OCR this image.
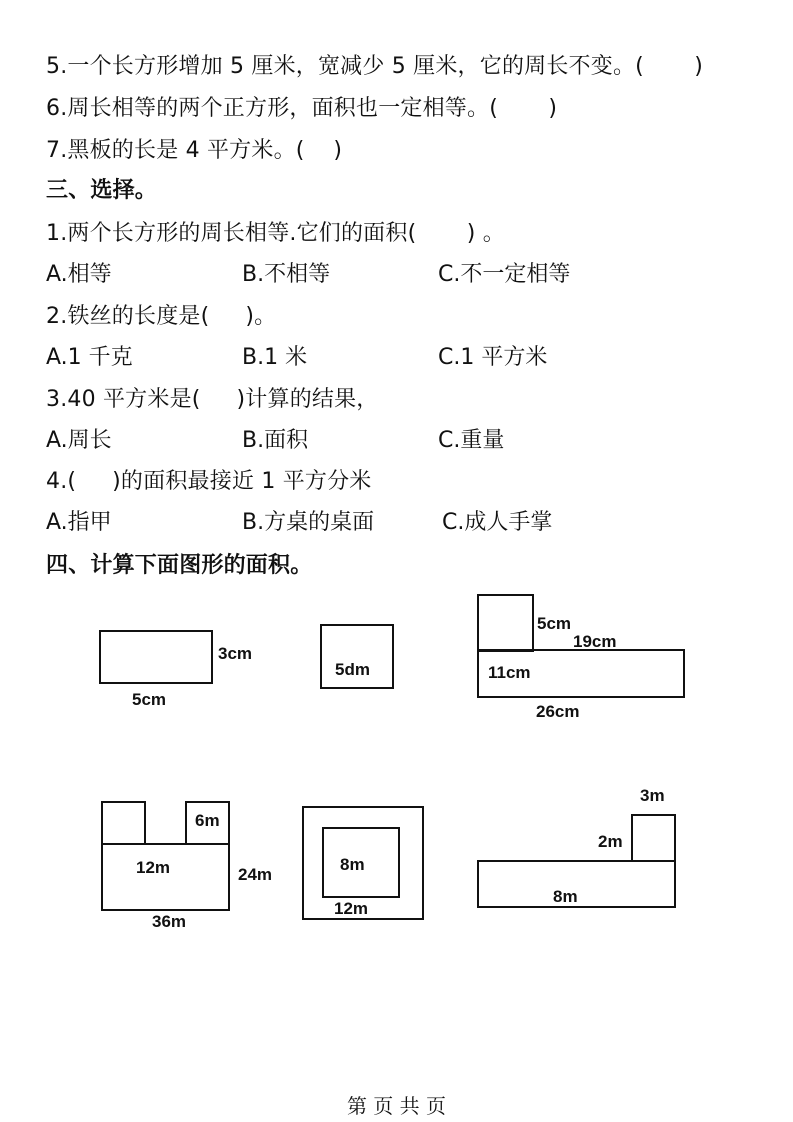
5.一个长方形增加 5 厘米，宽减少 5 厘米，它的周长不变。(       )
6.周长相等的两个正方形，面积也一定相等。(       )
7.黑板的长是 4 平方米。(    )
三、选择。
1.两个长方形的周长相等.它们的面积(       ) 。
A.相等	B.不相等	C.不一定相等
2.铁丝的长度是(     )。
A.1 千克	B.1 米	C.1 平方米
3.40 平方米是(     )计算的结果，
A.周长	B.面积	C.重量
4.(     )的面积最接近 1 平方分米
A.指甲	B.方桌的桌面	C.成人手掌
四、计算下面图形的面积。
3cm
5cm
5dm
5cm
19cm
11cm
26cm
6m
12m	24m
36m
8m
12m
3m
2m
8m
第 页 共 页
